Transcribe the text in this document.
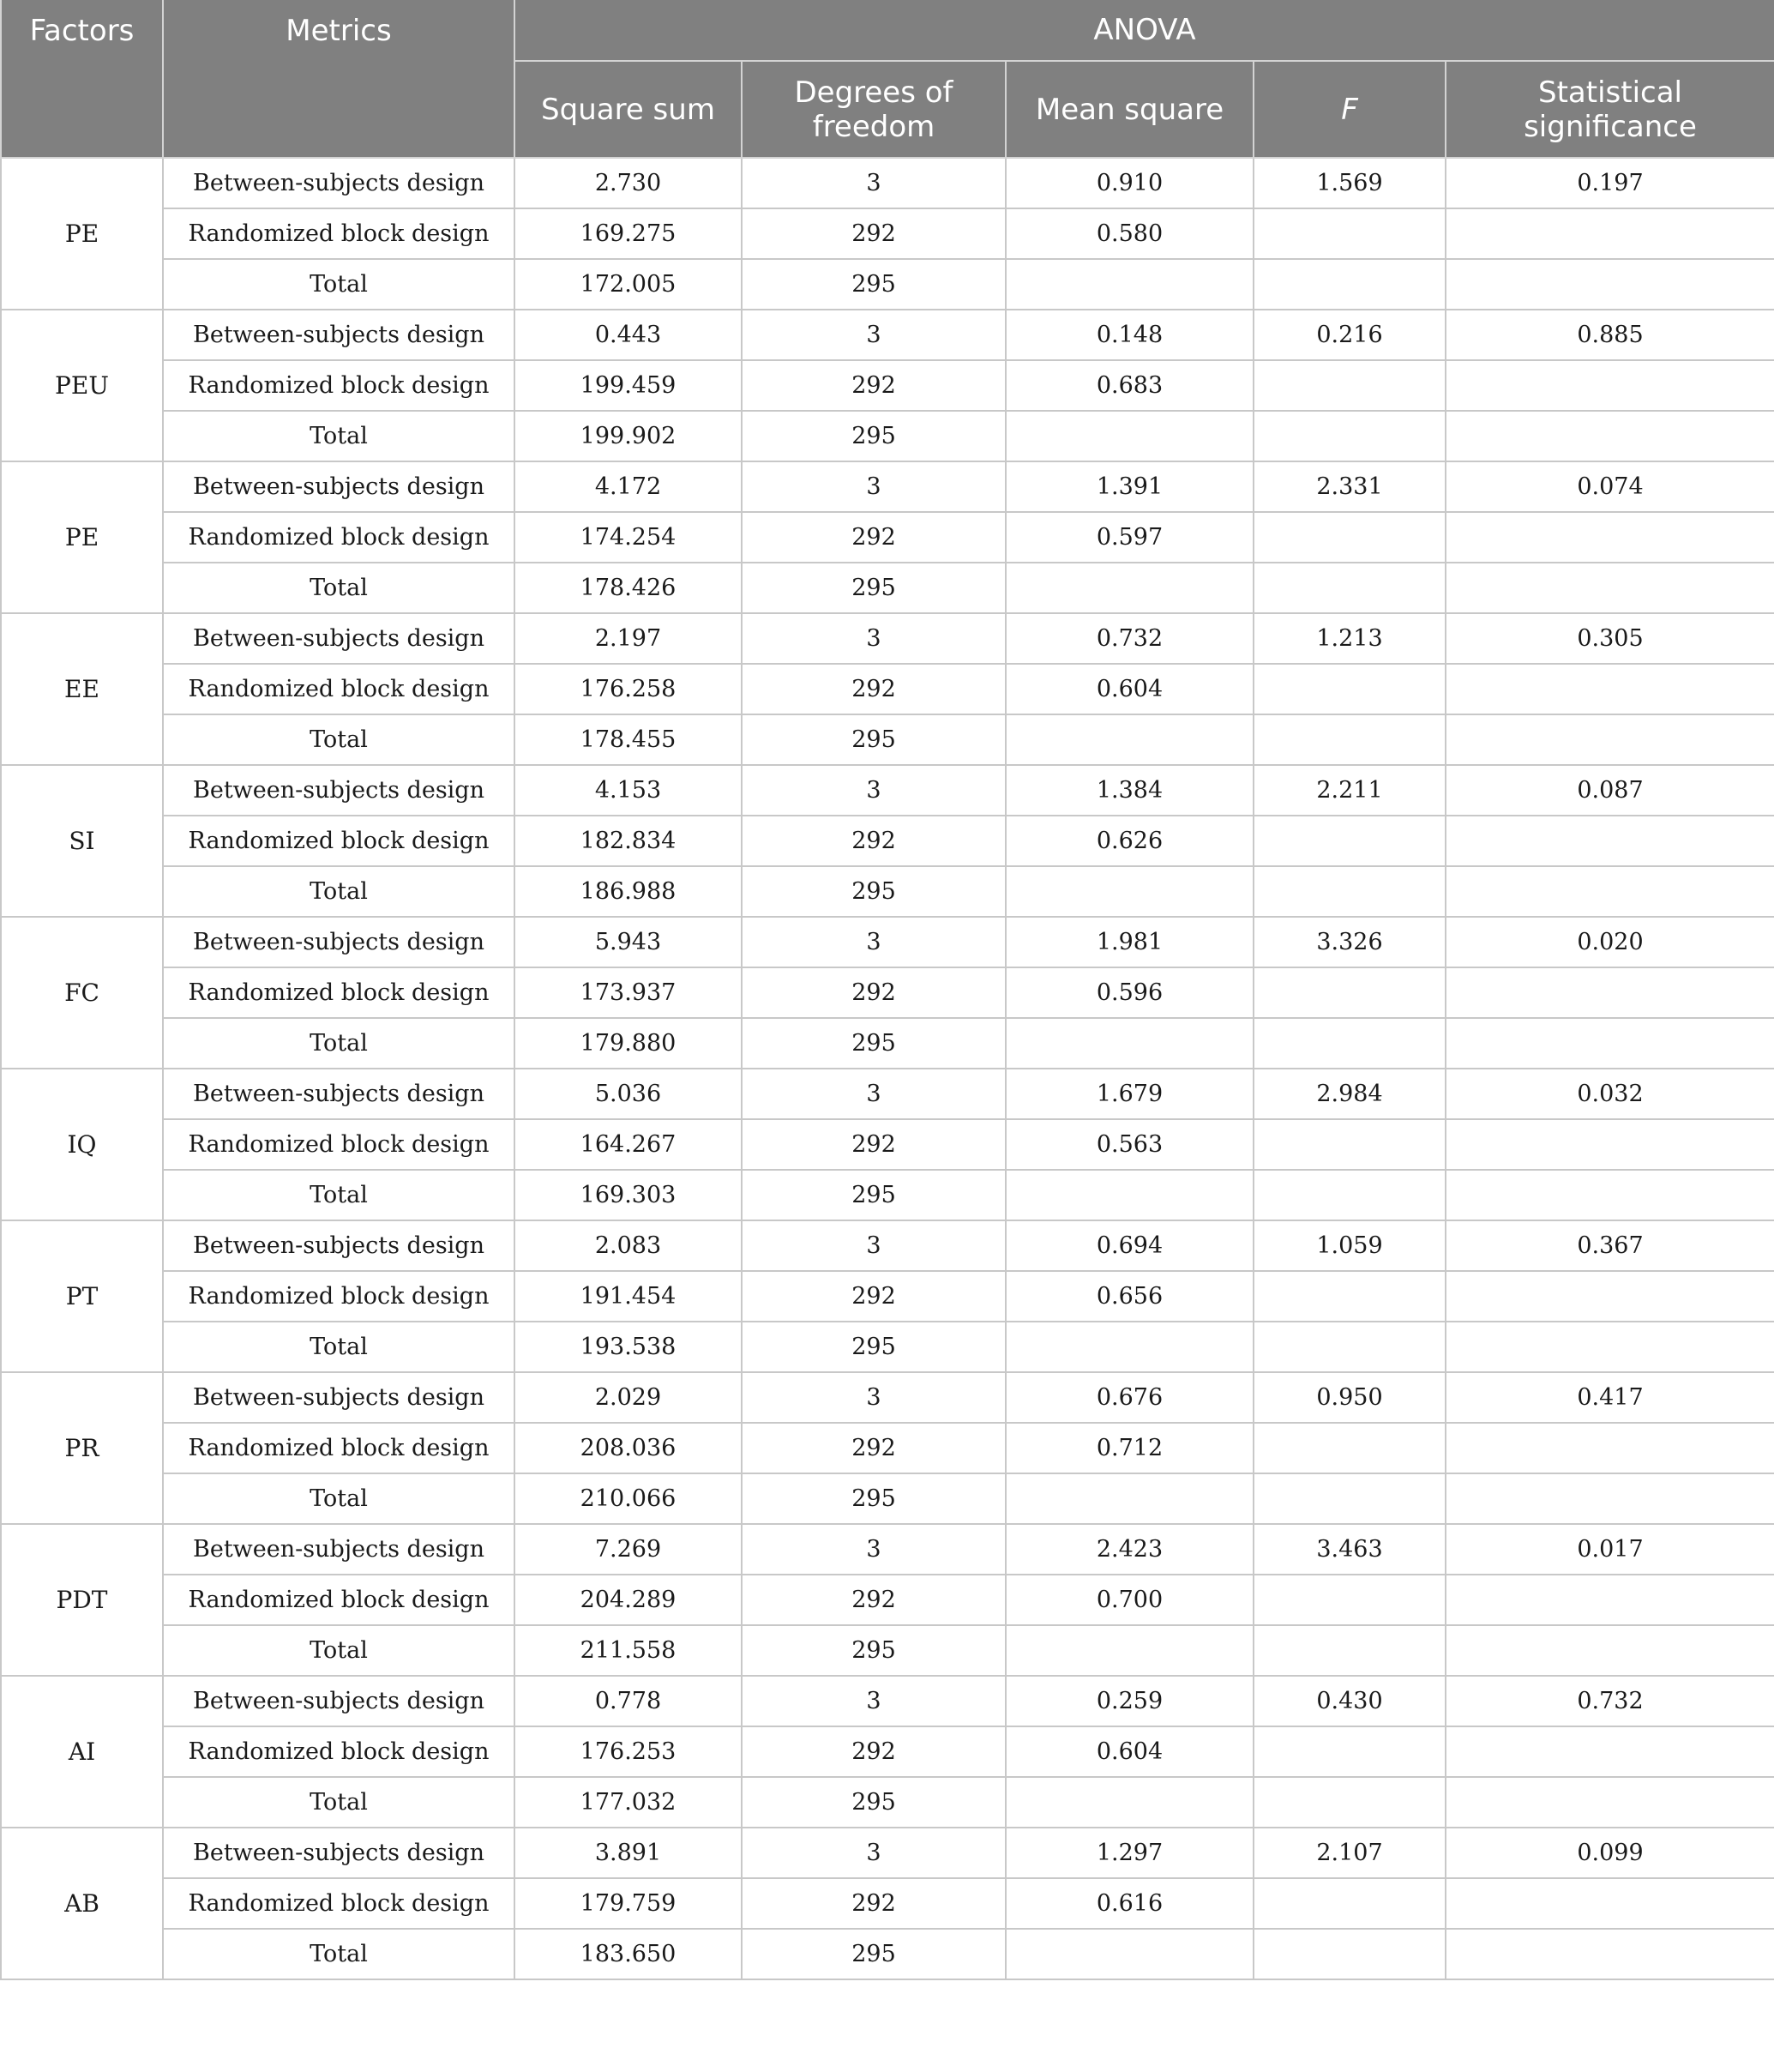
Factors	Metrics	ANOVA				
		Square sum	Degrees of freedom	Mean square	F	Statistical significance
PE	Between-subjects design	2.730	3	0.910	1.569	0.197
	Randomized block design	169.275	292	0.580		
	Total	172.005	295			
PEU	Between-subjects design	0.443	3	0.148	0.216	0.885
	Randomized block design	199.459	292	0.683		
	Total	199.902	295			
PE	Between-subjects design	4.172	3	1.391	2.331	0.074
	Randomized block design	174.254	292	0.597		
	Total	178.426	295			
EE	Between-subjects design	2.197	3	0.732	1.213	0.305
	Randomized block design	176.258	292	0.604		
	Total	178.455	295			
SI	Between-subjects design	4.153	3	1.384	2.211	0.087
	Randomized block design	182.834	292	0.626		
	Total	186.988	295			
FC	Between-subjects design	5.943	3	1.981	3.326	0.020
	Randomized block design	173.937	292	0.596		
	Total	179.880	295			
IQ	Between-subjects design	5.036	3	1.679	2.984	0.032
	Randomized block design	164.267	292	0.563		
	Total	169.303	295			
PT	Between-subjects design	2.083	3	0.694	1.059	0.367
	Randomized block design	191.454	292	0.656		
	Total	193.538	295			
PR	Between-subjects design	2.029	3	0.676	0.950	0.417
	Randomized block design	208.036	292	0.712		
	Total	210.066	295			
PDT	Between-subjects design	7.269	3	2.423	3.463	0.017
	Randomized block design	204.289	292	0.700		
	Total	211.558	295			
AI	Between-subjects design	0.778	3	0.259	0.430	0.732
	Randomized block design	176.253	292	0.604		
	Total	177.032	295			
AB	Between-subjects design	3.891	3	1.297	2.107	0.099
	Randomized block design	179.759	292	0.616		
	Total	183.650	295			
